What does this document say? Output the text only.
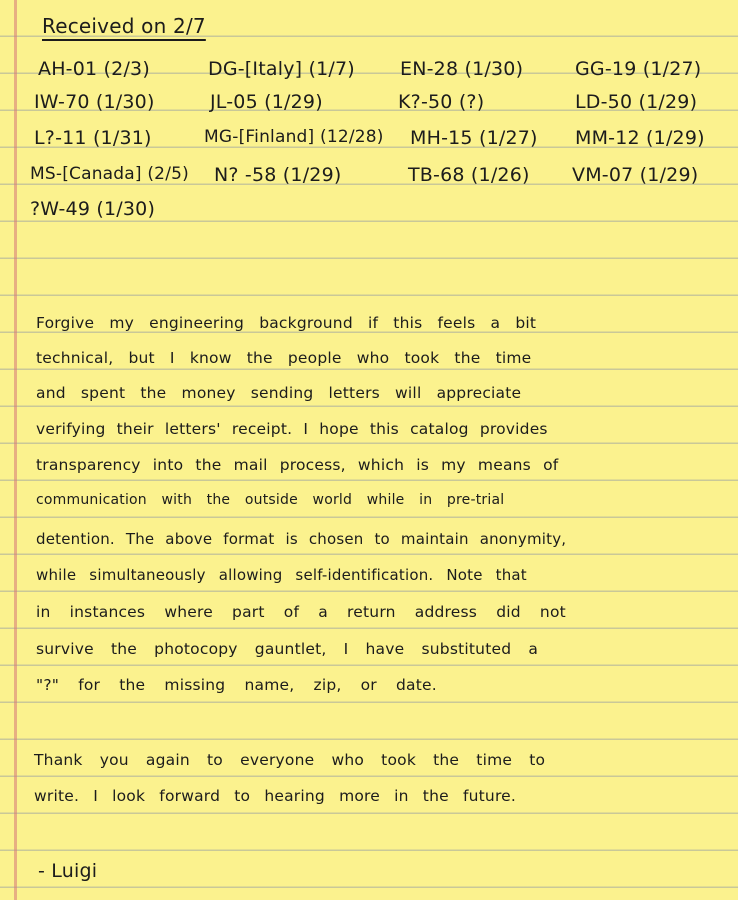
Received on 2/7
AH-01 (2/3)	DG-[Italy] (1/7) EN-28 (1/30)	GG-19 (1/27)
IW-70 (1/30)	JL-05 (1/29)	K?-50 (?)	LD-50 (1/29)
L?-11 (1/31)	MG-[Finland] (12/28) MH-15 (1/27) MM-12 (1/29)
MS-[Canada] (2/5) N? -58 (1/29)	TB-68 (1/26) VM-07 (1/29)
?W-49 (1/30)
Forgive my engineering background if this feels a bit
technical, but I know the people who took the time
and spent the money sending letters will appreciate
verifying their letters' receipt. I hope this catalog provides
transparency into the mail process, which is my means of
communication with the outside world while in pre-trial
detention. The above format is chosen to maintain anonymity,
while simultaneously allowing self-identification. Note that
in instances where part of a return address did not
survive the photocopy gauntlet, I have substituted a
"?" for the missing name, zip, or date.
Thank you again to everyone who took the time to
write. I look forward to hearing more in the future.
- Luigi
